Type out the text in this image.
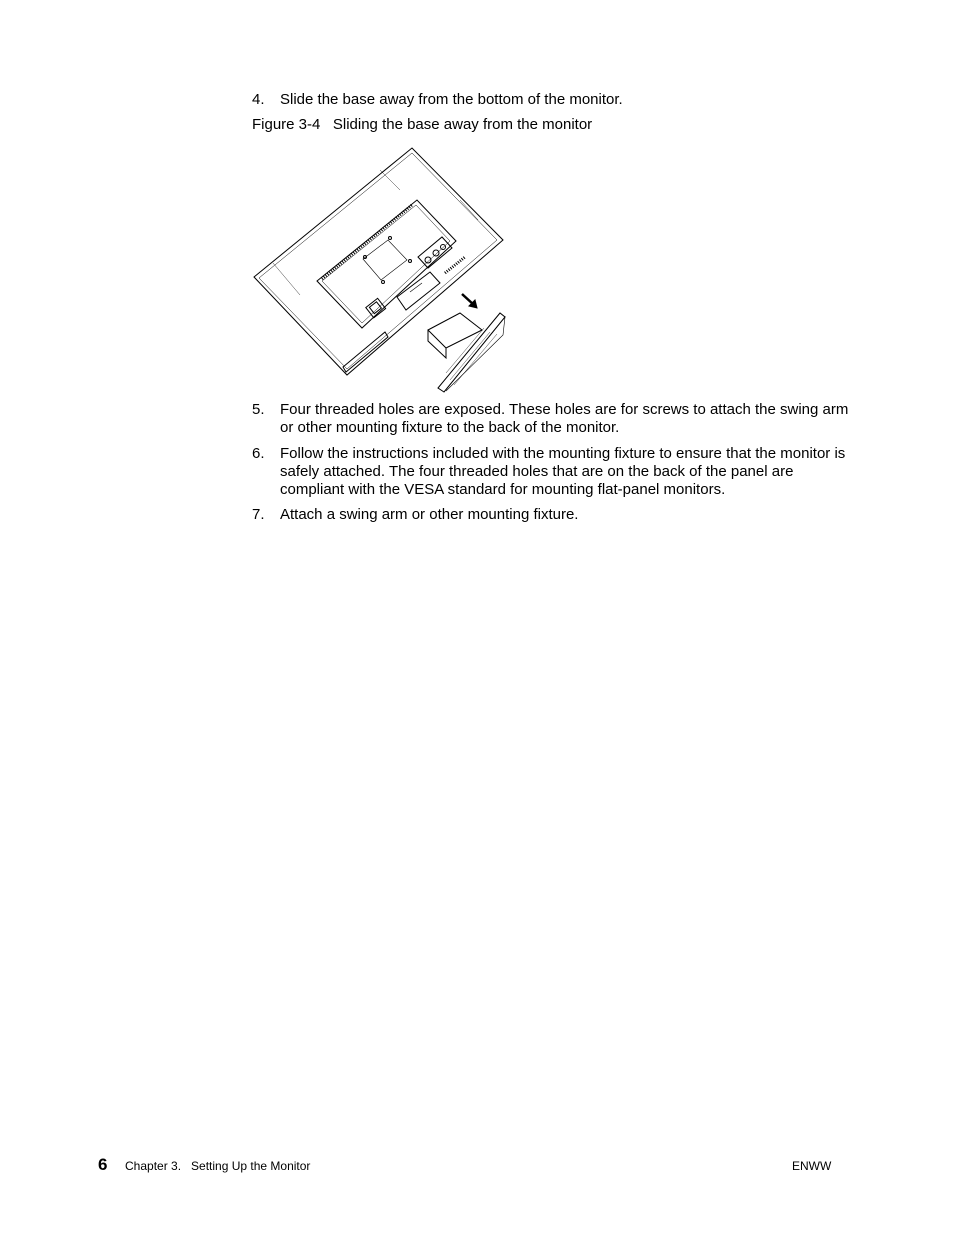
4. Slide the base away from the bottom of the monitor.
Figure 3-4   Sliding the base away from the monitor
5. Four threaded holes are exposed. These holes are for screws to attach the swing arm or other mounting fixture to the back of the monitor.
6. Follow the instructions included with the mounting fixture to ensure that the monitor is safely attached. The four threaded holes that are on the back of the panel are compliant with the VESA standard for mounting flat-panel monitors.
7. Attach a swing arm or other mounting fixture.
6 Chapter 3.   Setting Up the Monitor	ENWW
